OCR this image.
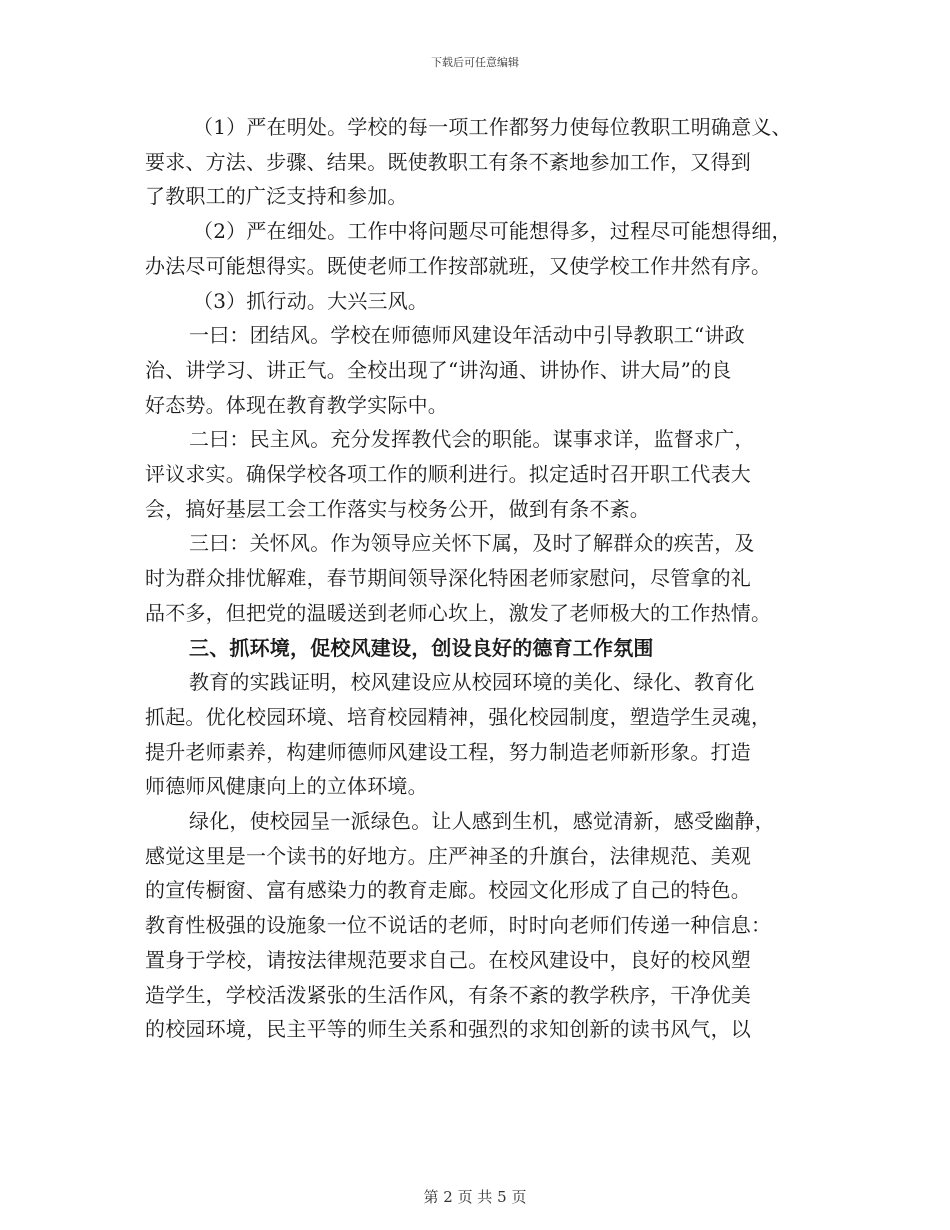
下载后可任意编辑

（1）严在明处。学校的每一项工作都努力使每位教职工明确意义、

要求、方法、步骤、结果。既使教职工有条不紊地参加工作，又得到

了教职工的广泛支持和参加。

（2）严在细处。工作中将问题尽可能想得多，过程尽可能想得细，

办法尽可能想得实。既使老师工作按部就班，又使学校工作井然有序。

（3）抓行动。大兴三风。

一曰：团结风。学校在师德师风建设年活动中引导教职工“讲政

治、讲学习、讲正气。全校出现了“讲沟通、讲协作、讲大局”的良

好态势。体现在教育教学实际中。

二曰：民主风。充分发挥教代会的职能。谋事求详，监督求广，

评议求实。确保学校各项工作的顺利进行。拟定适时召开职工代表大

会，搞好基层工会工作落实与校务公开，做到有条不紊。

三曰：关怀风。作为领导应关怀下属，及时了解群众的疾苦，及

时为群众排忧解难，春节期间领导深化特困老师家慰问，尽管拿的礼

品不多，但把党的温暖送到老师心坎上，激发了老师极大的工作热情。

三、抓环境，促校风建设，创设良好的德育工作氛围

教育的实践证明，校风建设应从校园环境的美化、绿化、教育化

抓起。优化校园环境、培育校园精神，强化校园制度，塑造学生灵魂，

提升老师素养，构建师德师风建设工程，努力制造老师新形象。打造

师德师风健康向上的立体环境。

绿化，使校园呈一派绿色。让人感到生机，感觉清新，感受幽静，

感觉这里是一个读书的好地方。庄严神圣的升旗台，法律规范、美观

的宣传橱窗、富有感染力的教育走廊。校园文化形成了自己的特色。

教育性极强的设施象一位不说话的老师，时时向老师们传递一种信息：

置身于学校，请按法律规范要求自己。在校风建设中，良好的校风塑

造学生，学校活泼紧张的生活作风，有条不紊的教学秩序，干净优美

的校园环境，民主平等的师生关系和强烈的求知创新的读书风气，以

第 2 页 共 5 页
